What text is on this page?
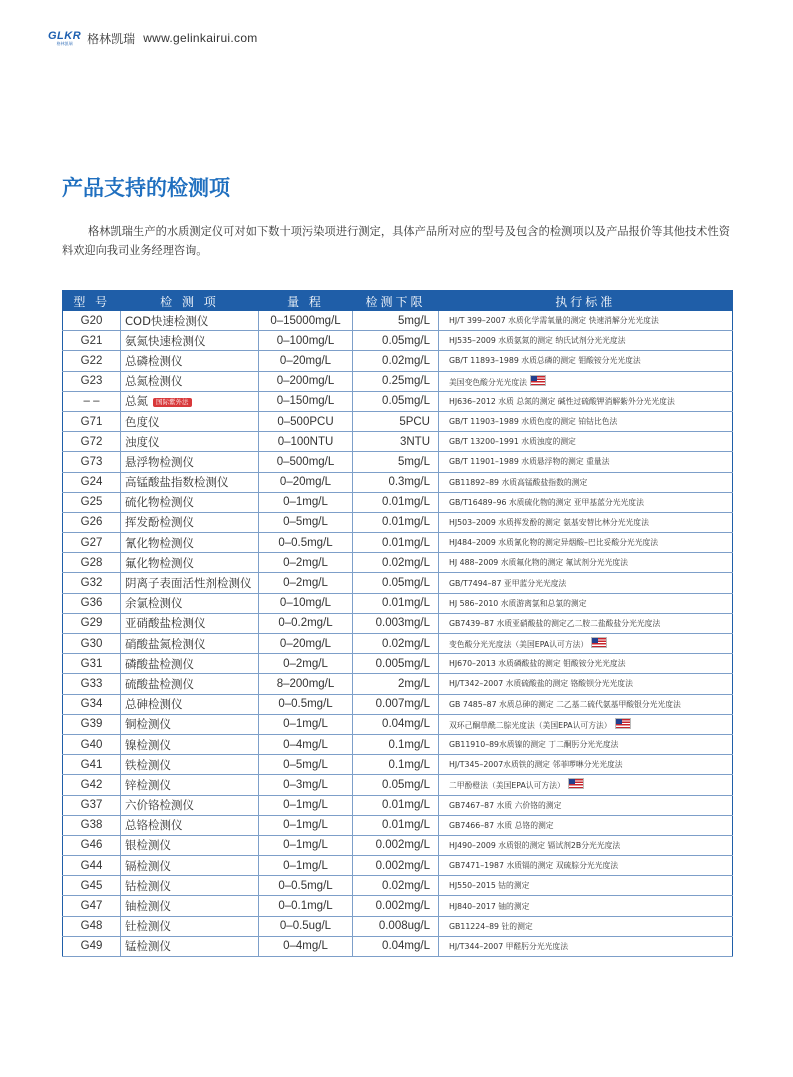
GLKR
格林凯瑞 格林凯瑞 www.gelinkairui.com
产品支持的检测项
格林凯瑞生产的水质测定仪可对如下数十项污染项进行测定，具体产品所对应的型号及包含的检测项以及产品报价等其他技术性资料欢迎向我司业务经理咨询。
型 号	检 测 项	量 程	检测下限	执行标准
G20	COD快速检测仪	0–15000mg/L	5mg/L	HJ/T 399–2007 水质化学需氧量的测定 快速消解分光光度法
G21	氨氮快速检测仪	0–100mg/L	0.05mg/L	HJ535–2009 水质氨氮的测定 纳氏试剂分光光度法
G22	总磷检测仪	0–20mg/L	0.02mg/L	GB/T 11893–1989 水质总磷的测定 钼酸铵分光光度法
G23	总氮检测仪	0–200mg/L	0.25mg/L	美国变色酸分光光度法
– –	总氮 国际紫外法	0–150mg/L	0.05mg/L	HJ636–2012 水质 总氮的测定 碱性过硫酸钾消解紫外分光光度法
G71	色度仪	0–500PCU	5PCU	GB/T 11903–1989 水质色度的测定 铂钴比色法
G72	浊度仪	0–100NTU	3NTU	GB/T 13200–1991 水质浊度的测定
G73	悬浮物检测仪	0–500mg/L	5mg/L	GB/T 11901–1989 水质悬浮物的测定 重量法
G24	高锰酸盐指数检测仪	0–20mg/L	0.3mg/L	GB11892–89 水质高锰酸盐指数的测定
G25	硫化物检测仪	0–1mg/L	0.01mg/L	GB/T16489–96 水质硫化物的测定 亚甲基蓝分光光度法
G26	挥发酚检测仪	0–5mg/L	0.01mg/L	HJ503–2009 水质挥发酚的测定 氨基安替比林分光光度法
G27	氰化物检测仪	0–0.5mg/L	0.01mg/L	HJ484–2009 水质氰化物的测定异烟酸–巴比妥酸分光光度法
G28	氟化物检测仪	0–2mg/L	0.02mg/L	HJ 488–2009 水质氟化物的测定 氟试剂分光光度法
G32	阴离子表面活性剂检测仪	0–2mg/L	0.05mg/L	GB/T7494–87 亚甲蓝分光光度法
G36	余氯检测仪	0–10mg/L	0.01mg/L	HJ 586–2010 水质游离氯和总氯的测定
G29	亚硝酸盐检测仪	0–0.2mg/L	0.003mg/L	GB7439–87 水质亚硝酸盐的测定乙二胺二盐酸盐分光光度法
G30	硝酸盐氮检测仪	0–20mg/L	0.02mg/L	变色酸分光光度法（美国EPA认可方法）
G31	磷酸盐检测仪	0–2mg/L	0.005mg/L	HJ670–2013 水质磷酸盐的测定 钼酸铵分光光度法
G33	硫酸盐检测仪	8–200mg/L	2mg/L	HJ/T342–2007 水质硫酸盐的测定 铬酸钡分光光度法
G34	总砷检测仪	0–0.5mg/L	0.007mg/L	GB 7485–87 水质总砷的测定 二乙基二硫代氨基甲酸银分光光度法
G39	铜检测仪	0–1mg/L	0.04mg/L	双环己酮草酰二腙光度法（美国EPA认可方法）
G40	镍检测仪	0–4mg/L	0.1mg/L	GB11910–89水质镍的测定 丁二酮肟分光光度法
G41	铁检测仪	0–5mg/L	0.1mg/L	HJ/T345–2007水质铁的测定 邻菲啰啉分光光度法
G42	锌检测仪	0–3mg/L	0.05mg/L	二甲酚橙法（美国EPA认可方法）
G37	六价铬检测仪	0–1mg/L	0.01mg/L	GB7467–87 水质 六价铬的测定
G38	总铬检测仪	0–1mg/L	0.01mg/L	GB7466–87 水质 总铬的测定
G46	银检测仪	0–1mg/L	0.002mg/L	HJ490–2009 水质银的测定 镉试剂2B分光光度法
G44	镉检测仪	0–1mg/L	0.002mg/L	GB7471–1987 水质镉的测定 双硫腙分光光度法
G45	钴检测仪	0–0.5mg/L	0.02mg/L	HJ550–2015 钴的测定
G47	铀检测仪	0–0.1mg/L	0.002mg/L	HJ840–2017 铀的测定
G48	钍检测仪	0–0.5ug/L	0.008ug/L	GB11224–89 钍的测定
G49	锰检测仪	0–4mg/L	0.04mg/L	HJ/T344–2007 甲醛肟分光光度法
